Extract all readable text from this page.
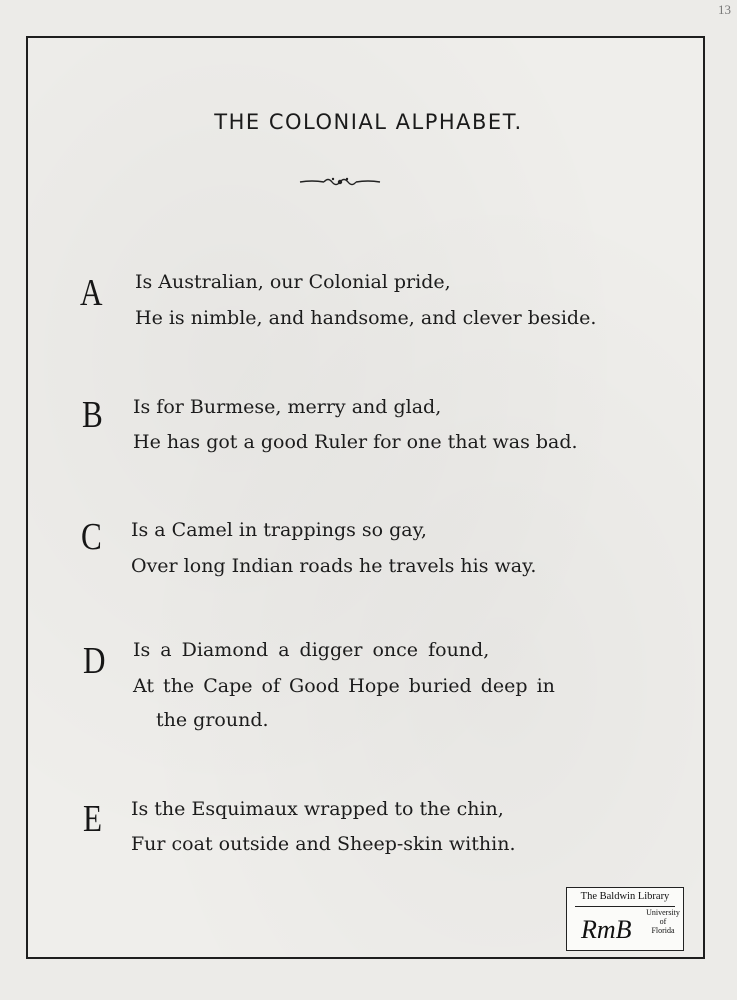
13
THE COLONIAL ALPHABET.
A Is Australian, our Colonial pride,
He is nimble, and handsome, and clever beside.
B Is for Burmese, merry and glad,
He has got a good Ruler for one that was bad.
C Is a Camel in trappings so gay,
Over long Indian roads he travels his way.
D Is a Diamond a digger once found,
At the Cape of Good Hope buried deep in
the ground.
E Is the Esquimaux wrapped to the chin,
Fur coat outside and Sheep-skin within.
The Baldwin Library
RmB
University
of
Florida
